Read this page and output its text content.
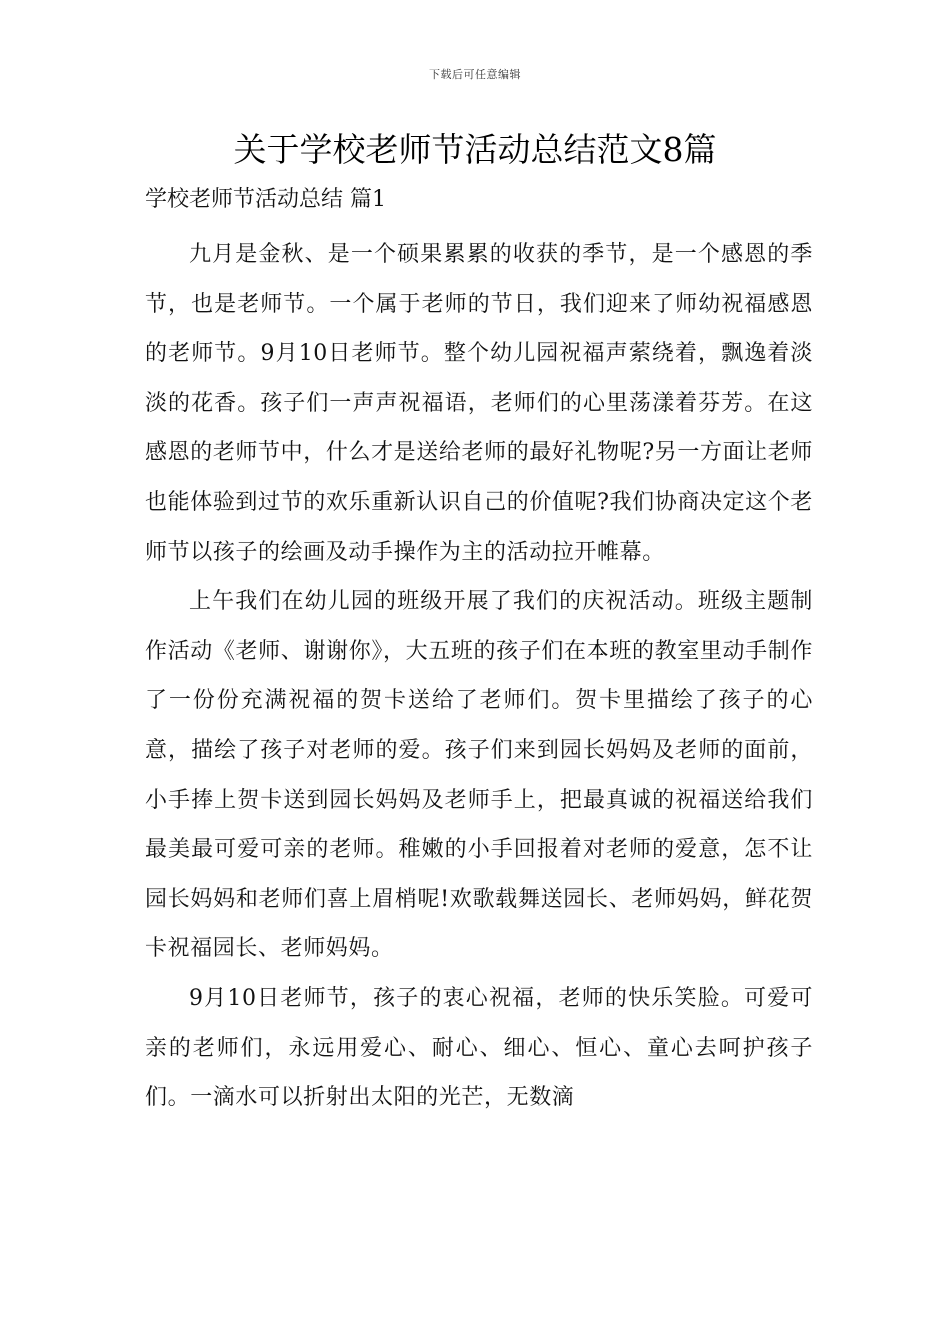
下载后可任意编辑
关于学校老师节活动总结范文8篇
学校老师节活动总结 篇1

九月是金秋、是一个硕果累累的收获的季节，是一个感恩的季节，也是老师节。一个属于老师的节日，我们迎来了师幼祝福感恩的老师节。9月10日老师节。整个幼儿园祝福声萦绕着，飘逸着淡淡的花香。孩子们一声声祝福语，老师们的心里荡漾着芬芳。在这感恩的老师节中，什么才是送给老师的最好礼物呢?另一方面让老师也能体验到过节的欢乐重新认识自己的价值呢?我们协商决定这个老师节以孩子的绘画及动手操作为主的活动拉开帷幕。

上午我们在幼儿园的班级开展了我们的庆祝活动。班级主题制作活动《老师、谢谢你》，大五班的孩子们在本班的教室里动手制作了一份份充满祝福的贺卡送给了老师们。贺卡里描绘了孩子的心意，描绘了孩子对老师的爱。孩子们来到园长妈妈及老师的面前，小手捧上贺卡送到园长妈妈及老师手上，把最真诚的祝福送给我们最美最可爱可亲的老师。稚嫩的小手回报着对老师的爱意，怎不让园长妈妈和老师们喜上眉梢呢!欢歌载舞送园长、老师妈妈，鲜花贺卡祝福园长、老师妈妈。

9月10日老师节，孩子的衷心祝福，老师的快乐笑脸。可爱可亲的老师们，永远用爱心、耐心、细心、恒心、童心去呵护孩子们。一滴水可以折射出太阳的光芒，无数滴
